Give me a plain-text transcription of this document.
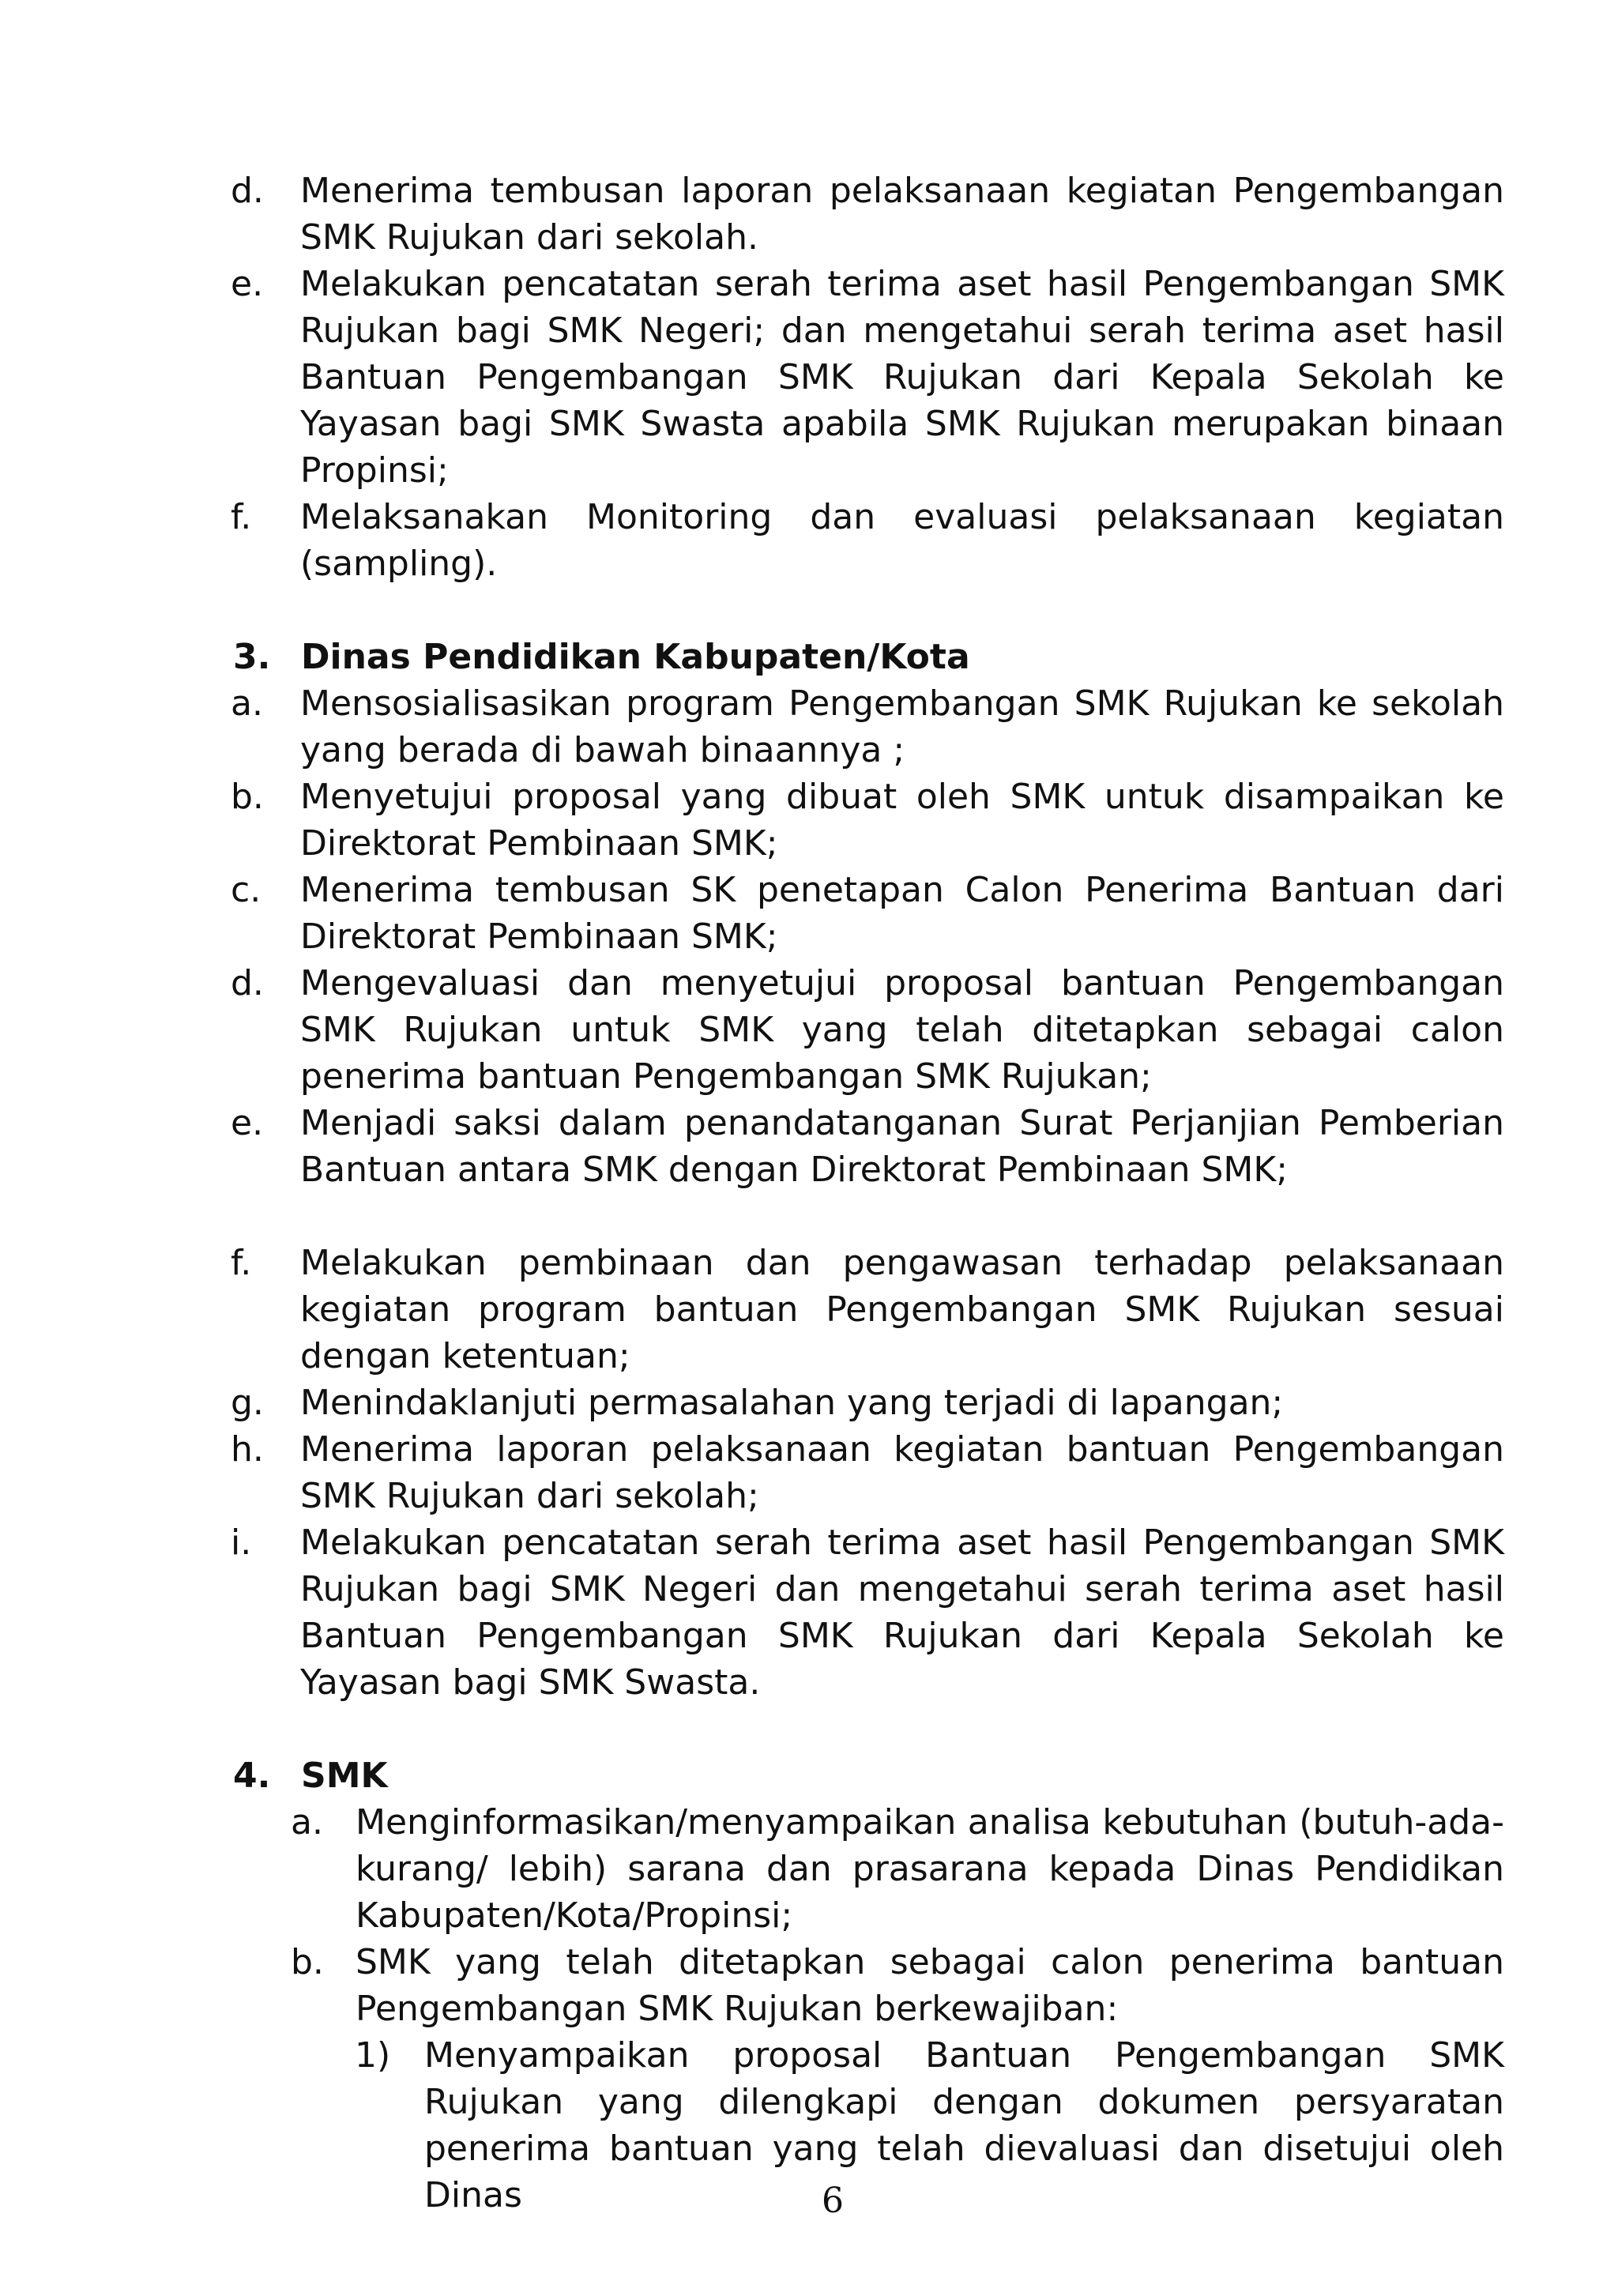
d.	Menerima tembusan laporan pelaksanaan kegiatan Pengembangan SMK Rujukan dari sekolah.
e.	Melakukan pencatatan serah terima aset hasil Pengembangan SMK Rujukan bagi SMK Negeri; dan mengetahui serah terima aset hasil Bantuan Pengembangan SMK Rujukan dari Kepala Sekolah ke Yayasan bagi SMK Swasta apabila SMK Rujukan merupakan binaan Propinsi;
f.	Melaksanakan Monitoring dan evaluasi pelaksanaan kegiatan (sampling).
3. Dinas Pendidikan Kabupaten/Kota
a.	Mensosialisasikan program Pengembangan SMK Rujukan ke sekolah yang berada di bawah binaannya ;
b.	Menyetujui proposal yang dibuat oleh SMK untuk disampaikan ke Direktorat Pembinaan SMK;
c.	Menerima tembusan SK penetapan Calon Penerima Bantuan dari Direktorat Pembinaan SMK;
d.	Mengevaluasi dan menyetujui proposal bantuan Pengembangan SMK Rujukan untuk SMK yang telah ditetapkan sebagai calon penerima bantuan Pengembangan SMK Rujukan;
e.	Menjadi saksi dalam penandatanganan Surat Perjanjian Pemberian Bantuan antara SMK dengan Direktorat Pembinaan SMK;
f.	Melakukan pembinaan dan pengawasan terhadap pelaksanaan kegiatan program bantuan Pengembangan SMK Rujukan sesuai dengan ketentuan;
g.	Menindaklanjuti permasalahan yang terjadi di lapangan;
h.	Menerima laporan pelaksanaan kegiatan bantuan Pengembangan SMK Rujukan dari sekolah;
i.	Melakukan pencatatan serah terima aset hasil Pengembangan SMK Rujukan bagi SMK Negeri dan mengetahui serah terima aset hasil Bantuan Pengembangan SMK Rujukan dari Kepala Sekolah ke Yayasan bagi SMK Swasta.
4. SMK
a. Menginformasikan/menyampaikan analisa kebutuhan (butuh-ada-kurang/ lebih) sarana dan prasarana kepada Dinas Pendidikan Kabupaten/Kota/Propinsi;
b. SMK yang telah ditetapkan sebagai calon penerima bantuan Pengembangan SMK Rujukan berkewajiban:
1) Menyampaikan proposal Bantuan Pengembangan SMK Rujukan yang dilengkapi dengan dokumen persyaratan penerima bantuan yang telah dievaluasi dan disetujui oleh Dinas	6
